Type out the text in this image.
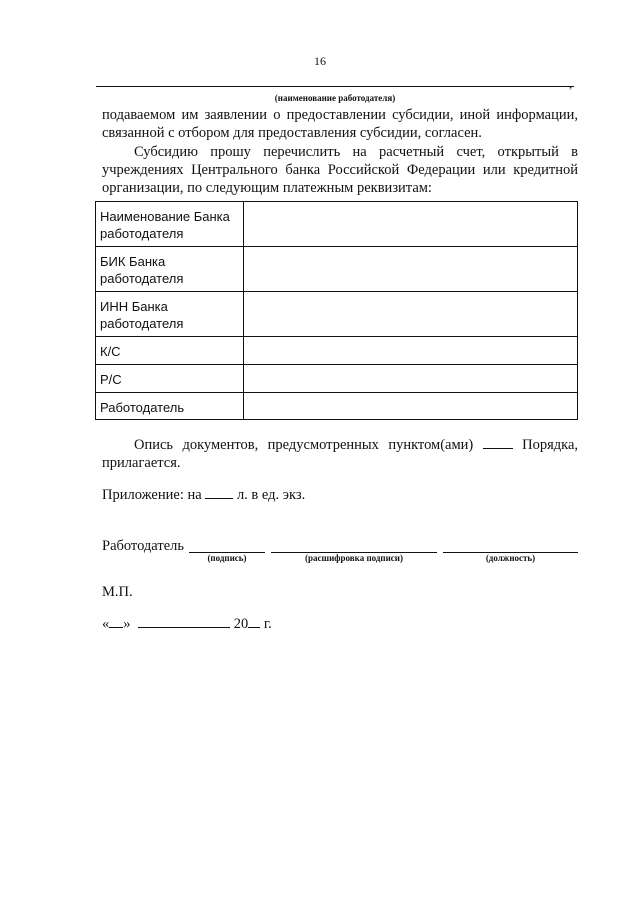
16
,
(наименование работодателя)

подаваемом им заявлении о предоставлении субсидии, иной информации, связанной с отбором для предоставления субсидии, согласен.

Субсидию прошу перечислить на расчетный счет, открытый в учреждениях Центрального банка Российской Федерации или кредитной организации, по следующим платежным реквизитам:

Наименование Банка работодателя	
БИК Банка работодателя	
ИНН Банка работодателя	
К/С	
Р/С	
Работодатель	

Опись документов, предусмотренных пунктом(ами)	Порядка, прилагается.

Приложение: на л. в ед. экз.
Работодатель
(подпись)	(расшифровка подписи)	(должность)
М.П.
« »	20 г.
